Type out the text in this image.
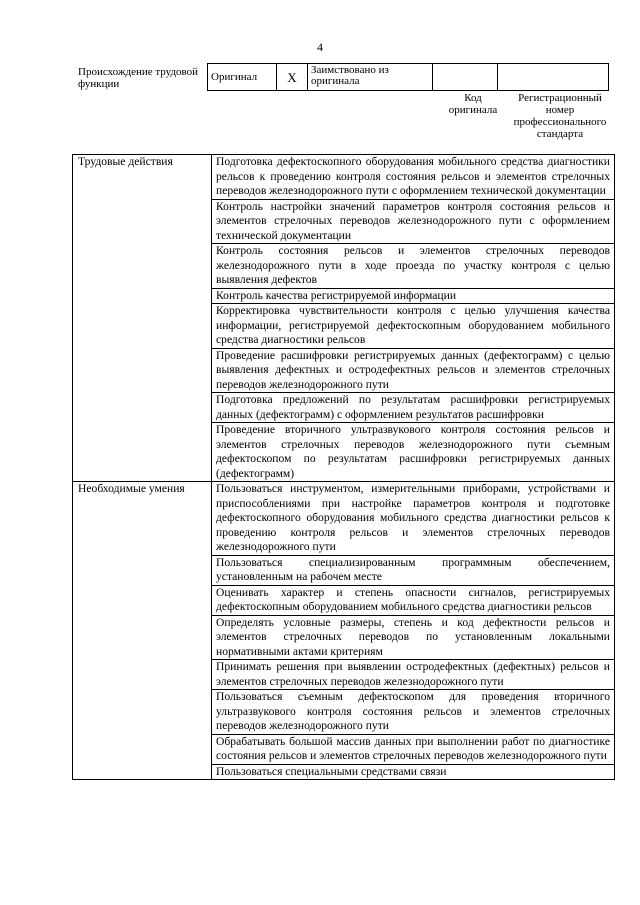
4
Происхождение трудовой функции
Оригинал	X	Заимствовано из оригинала		
Код оригинала
Регистрационный номер профессионального стандарта
Трудовые действия	Подготовка дефектоскопного оборудования мобильного средства диагностики рельсов к проведению контроля состояния рельсов и элементов стрелочных переводов железнодорожного пути с оформлением технической документации
	Контроль настройки значений параметров контроля состояния рельсов и элементов стрелочных переводов железнодорожного пути с оформлением технической документации
	Контроль состояния рельсов и элементов стрелочных переводов железнодорожного пути в ходе проезда по участку контроля с целью выявления дефектов
	Контроль качества регистрируемой информации
	Корректировка чувствительности контроля с целью улучшения качества информации, регистрируемой дефектоскопным оборудованием мобильного средства диагностики рельсов
	Проведение расшифровки регистрируемых данных (дефектограмм) с целью выявления дефектных и остродефектных рельсов и элементов стрелочных переводов железнодорожного пути
	Подготовка предложений по результатам расшифровки регистрируемых данных (дефектограмм) с оформлением результатов расшифровки
	Проведение вторичного ультразвукового контроля состояния рельсов и элементов стрелочных переводов железнодорожного пути съемным дефектоскопом по результатам расшифровки регистрируемых данных (дефектограмм)
Необходимые умения	Пользоваться инструментом, измерительными приборами, устройствами и приспособлениями при настройке параметров контроля и подготовке дефектоскопного оборудования мобильного средства диагностики рельсов к проведению контроля рельсов и элементов стрелочных переводов железнодорожного пути
	Пользоваться специализированным программным обеспечением, установленным на рабочем месте
	Оценивать характер и степень опасности сигналов, регистрируемых дефектоскопным оборудованием мобильного средства диагностики рельсов
	Определять условные размеры, степень и код дефектности рельсов и элементов стрелочных переводов по установленным локальными нормативными актами критериям
	Принимать решения при выявлении остродефектных (дефектных) рельсов и элементов стрелочных переводов железнодорожного пути
	Пользоваться съемным дефектоскопом для проведения вторичного ультразвукового контроля состояния рельсов и элементов стрелочных переводов железнодорожного пути
	Обрабатывать большой массив данных при выполнении работ по диагностике состояния рельсов и элементов стрелочных переводов железнодорожного пути
	Пользоваться специальными средствами связи
